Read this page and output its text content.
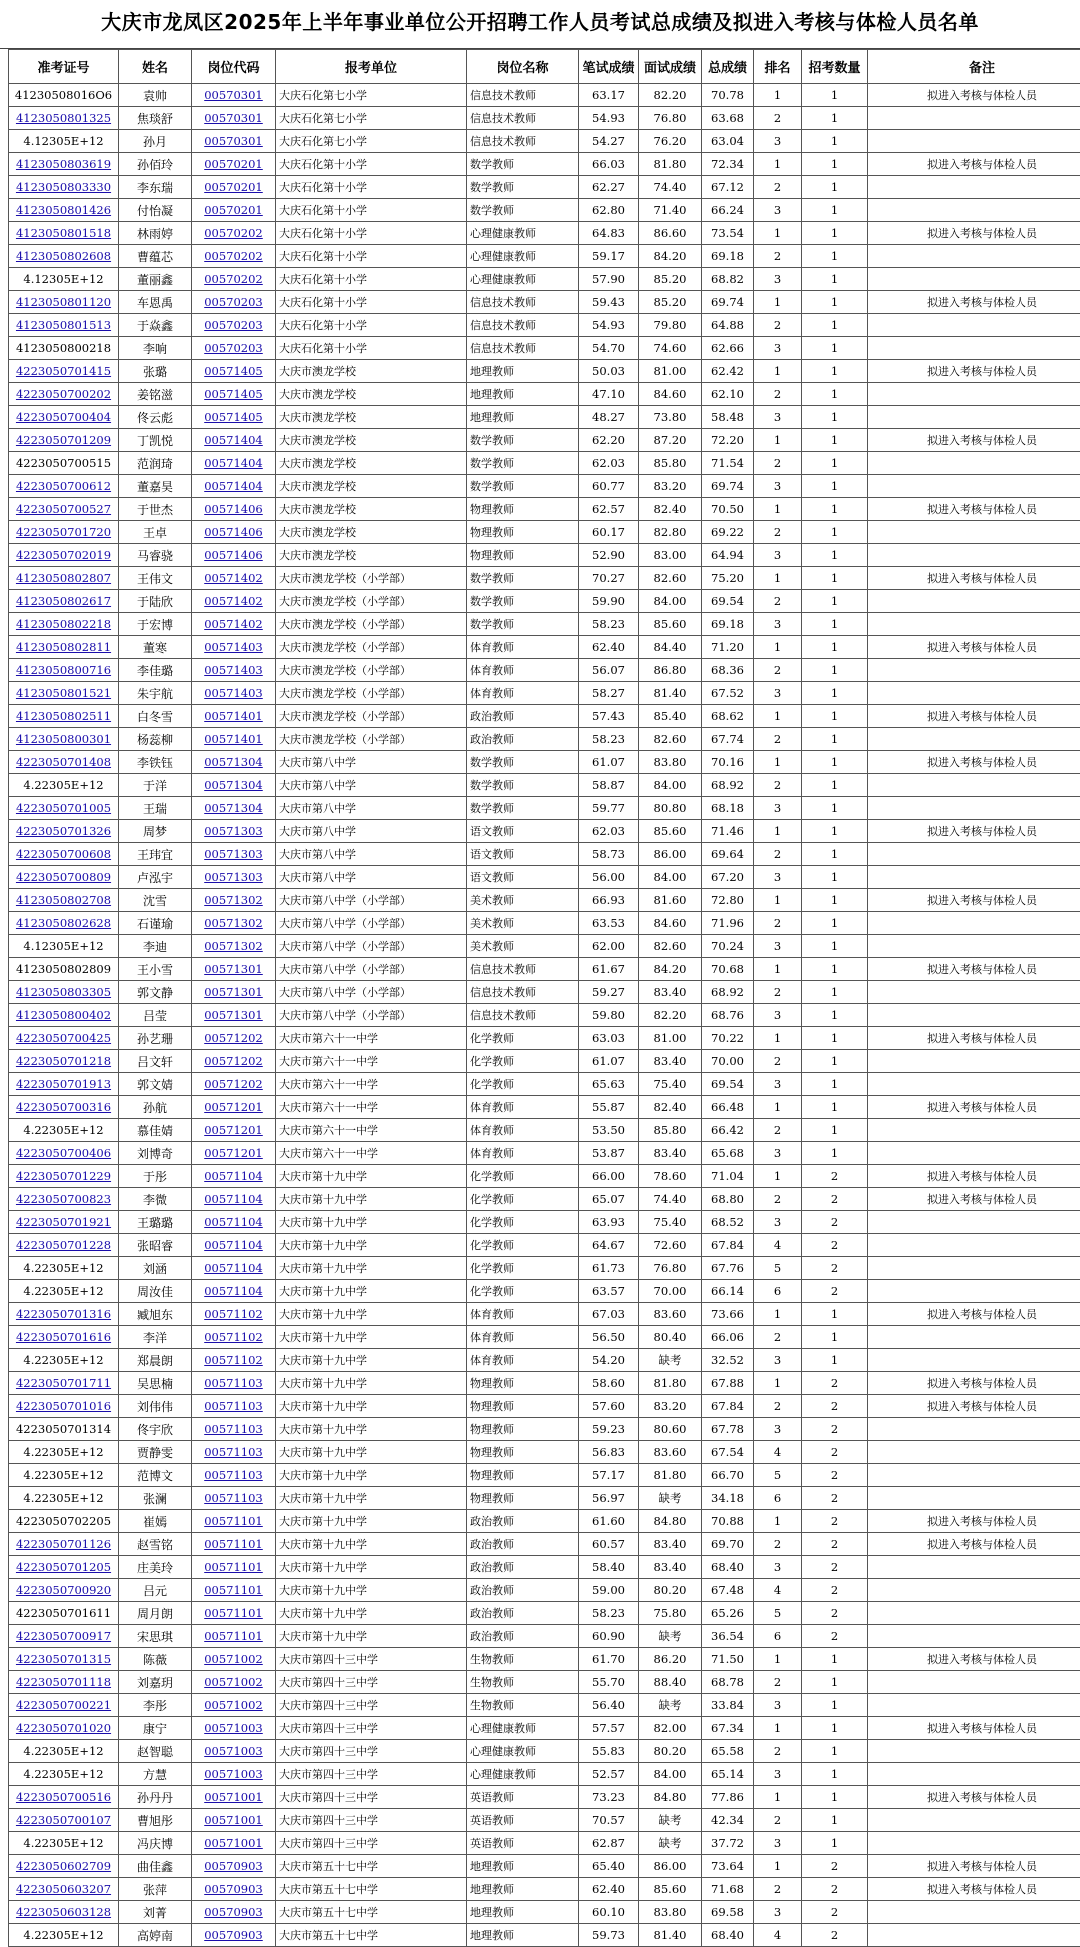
大庆市龙凤区2025年上半年事业单位公开招聘工作人员考试总成绩及拟进入考核与体检人员名单
准考证号	姓名	岗位代码	报考单位	岗位名称	笔试成绩	面试成绩	总成绩	排名	招考数量	备注
41230508016O6	袁帅	00570301	大庆石化第七小学	信息技术教师	63.17	82.20	70.78	1	1	拟进入考核与体检人员
4123050801325	焦琰舒	00570301	大庆石化第七小学	信息技术教师	54.93	76.80	63.68	2	1	
4.12305E+12	孙月	00570301	大庆石化第七小学	信息技术教师	54.27	76.20	63.04	3	1	
4123050803619	孙佰玲	00570201	大庆石化第十小学	数学教师	66.03	81.80	72.34	1	1	拟进入考核与体检人员
4123050803330	李东瑞	00570201	大庆石化第十小学	数学教师	62.27	74.40	67.12	2	1	
4123050801426	付怡凝	00570201	大庆石化第十小学	数学教师	62.80	71.40	66.24	3	1	
4123050801518	林雨婷	00570202	大庆石化第十小学	心理健康教师	64.83	86.60	73.54	1	1	拟进入考核与体检人员
4123050802608	曹蕴芯	00570202	大庆石化第十小学	心理健康教师	59.17	84.20	69.18	2	1	
4.12305E+12	董丽鑫	00570202	大庆石化第十小学	心理健康教师	57.90	85.20	68.82	3	1	
4123050801120	车恩禹	00570203	大庆石化第十小学	信息技术教师	59.43	85.20	69.74	1	1	拟进入考核与体检人员
4123050801513	于焱鑫	00570203	大庆石化第十小学	信息技术教师	54.93	79.80	64.88	2	1	
4123050800218	李响	00570203	大庆石化第十小学	信息技术教师	54.70	74.60	62.66	3	1	
4223050701415	张璐	00571405	大庆市澳龙学校	地理教师	50.03	81.00	62.42	1	1	拟进入考核与体检人员
4223050700202	姜铭滋	00571405	大庆市澳龙学校	地理教师	47.10	84.60	62.10	2	1	
4223050700404	佟云彪	00571405	大庆市澳龙学校	地理教师	48.27	73.80	58.48	3	1	
4223050701209	丁凯悦	00571404	大庆市澳龙学校	数学教师	62.20	87.20	72.20	1	1	拟进入考核与体检人员
4223050700515	范润琦	00571404	大庆市澳龙学校	数学教师	62.03	85.80	71.54	2	1	
4223050700612	董嘉昊	00571404	大庆市澳龙学校	数学教师	60.77	83.20	69.74	3	1	
4223050700527	于世杰	00571406	大庆市澳龙学校	物理教师	62.57	82.40	70.50	1	1	拟进入考核与体检人员
4223050701720	王卓	00571406	大庆市澳龙学校	物理教师	60.17	82.80	69.22	2	1	
4223050702019	马睿骁	00571406	大庆市澳龙学校	物理教师	52.90	83.00	64.94	3	1	
4123050802807	王伟文	00571402	大庆市澳龙学校（小学部）	数学教师	70.27	82.60	75.20	1	1	拟进入考核与体检人员
4123050802617	于陆欣	00571402	大庆市澳龙学校（小学部）	数学教师	59.90	84.00	69.54	2	1	
4123050802218	于宏博	00571402	大庆市澳龙学校（小学部）	数学教师	58.23	85.60	69.18	3	1	
4123050802811	董寒	00571403	大庆市澳龙学校（小学部）	体育教师	62.40	84.40	71.20	1	1	拟进入考核与体检人员
4123050800716	李佳璐	00571403	大庆市澳龙学校（小学部）	体育教师	56.07	86.80	68.36	2	1	
4123050801521	朱宇航	00571403	大庆市澳龙学校（小学部）	体育教师	58.27	81.40	67.52	3	1	
4123050802511	白冬雪	00571401	大庆市澳龙学校（小学部）	政治教师	57.43	85.40	68.62	1	1	拟进入考核与体检人员
4123050800301	杨蕊柳	00571401	大庆市澳龙学校（小学部）	政治教师	58.23	82.60	67.74	2	1	
4223050701408	李铁钰	00571304	大庆市第八中学	数学教师	61.07	83.80	70.16	1	1	拟进入考核与体检人员
4.22305E+12	于洋	00571304	大庆市第八中学	数学教师	58.87	84.00	68.92	2	1	
4223050701005	王瑞	00571304	大庆市第八中学	数学教师	59.77	80.80	68.18	3	1	
4223050701326	周梦	00571303	大庆市第八中学	语文教师	62.03	85.60	71.46	1	1	拟进入考核与体检人员
4223050700608	王玮宜	00571303	大庆市第八中学	语文教师	58.73	86.00	69.64	2	1	
4223050700809	卢泓宇	00571303	大庆市第八中学	语文教师	56.00	84.00	67.20	3	1	
4123050802708	沈雪	00571302	大庆市第八中学（小学部）	美术教师	66.93	81.60	72.80	1	1	拟进入考核与体检人员
4123050802628	石谨瑜	00571302	大庆市第八中学（小学部）	美术教师	63.53	84.60	71.96	2	1	
4.12305E+12	李迪	00571302	大庆市第八中学（小学部）	美术教师	62.00	82.60	70.24	3	1	
4123050802809	王小雪	00571301	大庆市第八中学（小学部）	信息技术教师	61.67	84.20	70.68	1	1	拟进入考核与体检人员
4123050803305	郭文静	00571301	大庆市第八中学（小学部）	信息技术教师	59.27	83.40	68.92	2	1	
4123050800402	吕莹	00571301	大庆市第八中学（小学部）	信息技术教师	59.80	82.20	68.76	3	1	
4223050700425	孙艺珊	00571202	大庆市第六十一中学	化学教师	63.03	81.00	70.22	1	1	拟进入考核与体检人员
4223050701218	吕文轩	00571202	大庆市第六十一中学	化学教师	61.07	83.40	70.00	2	1	
4223050701913	郭文婧	00571202	大庆市第六十一中学	化学教师	65.63	75.40	69.54	3	1	
4223050700316	孙航	00571201	大庆市第六十一中学	体育教师	55.87	82.40	66.48	1	1	拟进入考核与体检人员
4.22305E+12	慕佳婧	00571201	大庆市第六十一中学	体育教师	53.50	85.80	66.42	2	1	
4223050700406	刘博奇	00571201	大庆市第六十一中学	体育教师	53.87	83.40	65.68	3	1	
4223050701229	于彤	00571104	大庆市第十九中学	化学教师	66.00	78.60	71.04	1	2	拟进入考核与体检人员
4223050700823	李微	00571104	大庆市第十九中学	化学教师	65.07	74.40	68.80	2	2	拟进入考核与体检人员
4223050701921	王璐璐	00571104	大庆市第十九中学	化学教师	63.93	75.40	68.52	3	2	
4223050701228	张昭睿	00571104	大庆市第十九中学	化学教师	64.67	72.60	67.84	4	2	
4.22305E+12	刘涵	00571104	大庆市第十九中学	化学教师	61.73	76.80	67.76	5	2	
4.22305E+12	周汝佳	00571104	大庆市第十九中学	化学教师	63.57	70.00	66.14	6	2	
4223050701316	臧旭东	00571102	大庆市第十九中学	体育教师	67.03	83.60	73.66	1	1	拟进入考核与体检人员
4223050701616	李洋	00571102	大庆市第十九中学	体育教师	56.50	80.40	66.06	2	1	
4.22305E+12	郑晨朗	00571102	大庆市第十九中学	体育教师	54.20	缺考	32.52	3	1	
4223050701711	吴思楠	00571103	大庆市第十九中学	物理教师	58.60	81.80	67.88	1	2	拟进入考核与体检人员
4223050701016	刘伟伟	00571103	大庆市第十九中学	物理教师	57.60	83.20	67.84	2	2	拟进入考核与体检人员
4223050701314	佟宇欣	00571103	大庆市第十九中学	物理教师	59.23	80.60	67.78	3	2	
4.22305E+12	贾静雯	00571103	大庆市第十九中学	物理教师	56.83	83.60	67.54	4	2	
4.22305E+12	范博文	00571103	大庆市第十九中学	物理教师	57.17	81.80	66.70	5	2	
4.22305E+12	张澜	00571103	大庆市第十九中学	物理教师	56.97	缺考	34.18	6	2	
4223050702205	崔嫣	00571101	大庆市第十九中学	政治教师	61.60	84.80	70.88	1	2	拟进入考核与体检人员
4223050701126	赵雪铭	00571101	大庆市第十九中学	政治教师	60.57	83.40	69.70	2	2	拟进入考核与体检人员
4223050701205	庄美玲	00571101	大庆市第十九中学	政治教师	58.40	83.40	68.40	3	2	
4223050700920	吕元	00571101	大庆市第十九中学	政治教师	59.00	80.20	67.48	4	2	
4223050701611	周月朗	00571101	大庆市第十九中学	政治教师	58.23	75.80	65.26	5	2	
4223050700917	宋思琪	00571101	大庆市第十九中学	政治教师	60.90	缺考	36.54	6	2	
4223050701315	陈薇	00571002	大庆市第四十三中学	生物教师	61.70	86.20	71.50	1	1	拟进入考核与体检人员
4223050701118	刘嘉玥	00571002	大庆市第四十三中学	生物教师	55.70	88.40	68.78	2	1	
4223050700221	李彤	00571002	大庆市第四十三中学	生物教师	56.40	缺考	33.84	3	1	
4223050701020	康宁	00571003	大庆市第四十三中学	心理健康教师	57.57	82.00	67.34	1	1	拟进入考核与体检人员
4.22305E+12	赵智聪	00571003	大庆市第四十三中学	心理健康教师	55.83	80.20	65.58	2	1	
4.22305E+12	方慧	00571003	大庆市第四十三中学	心理健康教师	52.57	84.00	65.14	3	1	
4223050700516	孙丹丹	00571001	大庆市第四十三中学	英语教师	73.23	84.80	77.86	1	1	拟进入考核与体检人员
4223050700107	曹旭彤	00571001	大庆市第四十三中学	英语教师	70.57	缺考	42.34	2	1	
4.22305E+12	冯庆博	00571001	大庆市第四十三中学	英语教师	62.87	缺考	37.72	3	1	
4223050602709	曲佳鑫	00570903	大庆市第五十七中学	地理教师	65.40	86.00	73.64	1	2	拟进入考核与体检人员
4223050603207	张萍	00570903	大庆市第五十七中学	地理教师	62.40	85.60	71.68	2	2	拟进入考核与体检人员
4223050603128	刘菁	00570903	大庆市第五十七中学	地理教师	60.10	83.80	69.58	3	2	
4.22305E+12	高婷南	00570903	大庆市第五十七中学	地理教师	59.73	81.40	68.40	4	2	
